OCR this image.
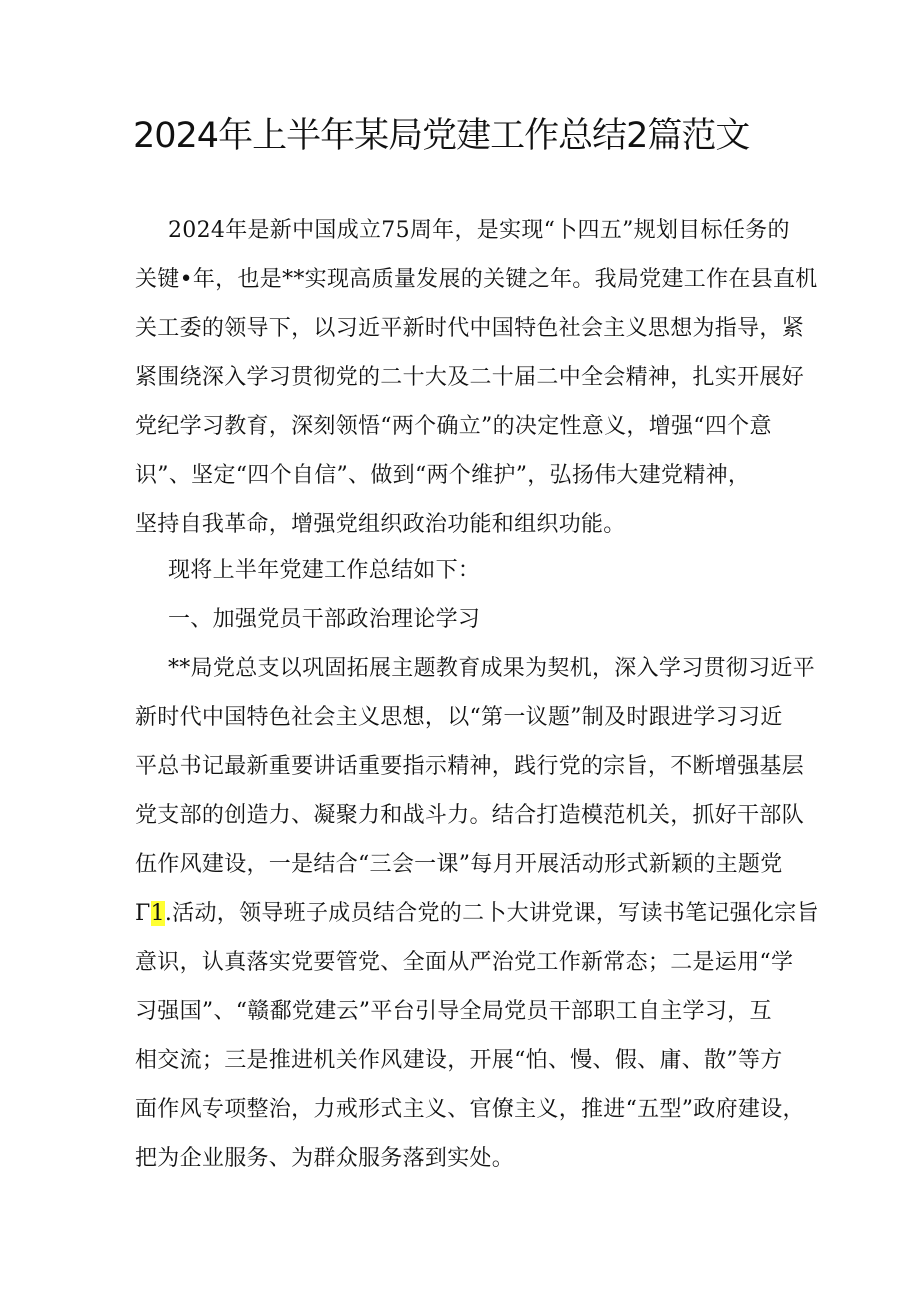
2024年上半年某局党建工作总结2篇范文
2024年是新中国成立75周年，是实现“卜四五”规划目标任务的
关键•年，也是**实现高质量发展的关键之年。我局党建工作在县直机
关工委的领导下，以习近平新时代中国特色社会主义思想为指导，紧
紧围绕深入学习贯彻党的二十大及二十届二中全会精神，扎实开展好
党纪学习教育，深刻领悟“两个确立”的决定性意义，增强“四个意
识”、坚定“四个自信”、做到“两个维护”，弘扬伟大建党精神，
坚持自我革命，增强党组织政治功能和组织功能。
现将上半年党建工作总结如下：
一、加强党员干部政治理论学习
**局党总支以巩固拓展主题教育成果为契机，深入学习贯彻习近平
新时代中国特色社会主义思想，以“第一议题”制及时跟进学习习近
平总书记最新重要讲话重要指示精神，践行党的宗旨，不断增强基层
党支部的创造力、凝聚力和战斗力。结合打造模范机关，抓好干部队
伍作风建设，一是结合“三会一课”每月开展活动形式新颖的主题党
Γ1.活动，领导班子成员结合党的二卜大讲党课，写读书笔记强化宗旨
意识，认真落实党要管党、全面从严治党工作新常态；二是运用“学
习强国”、“赣鄱党建云”平台引导全局党员干部职工自主学习，互
相交流；三是推进机关作风建设，开展“怕、慢、假、庸、散”等方
面作风专项整治，力戒形式主义、官僚主义，推进“五型”政府建设，
把为企业服务、为群众服务落到实处。
